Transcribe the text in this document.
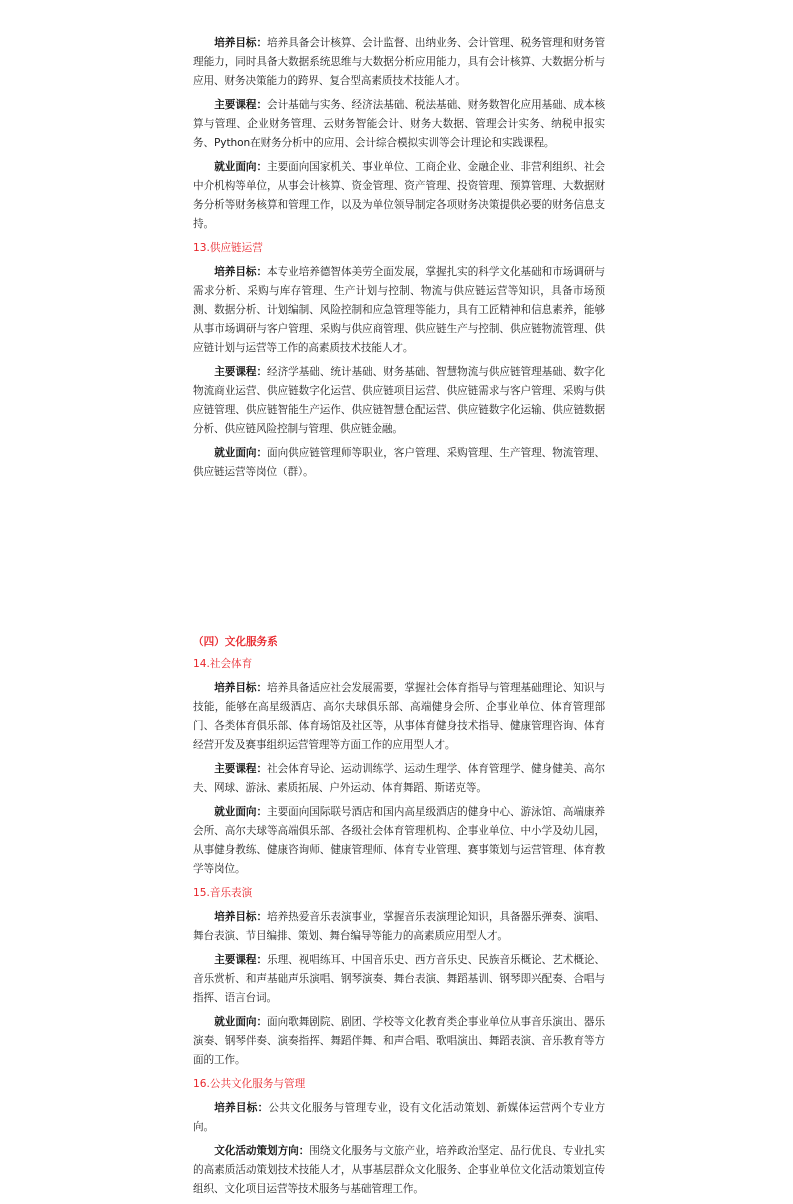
培养目标：培养具备会计核算、会计监督、出纳业务、会计管理、税务管理和财务管理能力，同时具备大数据系统思维与大数据分析应用能力，具有会计核算、大数据分析与应用、财务决策能力的跨界、复合型高素质技术技能人才。

主要课程：会计基础与实务、经济法基础、税法基础、财务数智化应用基础、成本核算与管理、企业财务管理、云财务智能会计、财务大数据、管理会计实务、纳税申报实务、Python在财务分析中的应用、会计综合模拟实训等会计理论和实践课程。

就业面向：主要面向国家机关、事业单位、工商企业、金融企业、非营利组织、社会中介机构等单位，从事会计核算、资金管理、资产管理、投资管理、预算管理、大数据财务分析等财务核算和管理工作，以及为单位领导制定各项财务决策提供必要的财务信息支持。

13.供应链运营

培养目标：本专业培养德智体美劳全面发展，掌握扎实的科学文化基础和市场调研与需求分析、采购与库存管理、生产计划与控制、物流与供应链运营等知识，具备市场预测、数据分析、计划编制、风险控制和应急管理等能力，具有工匠精神和信息素养，能够从事市场调研与客户管理、采购与供应商管理、供应链生产与控制、供应链物流管理、供应链计划与运营等工作的高素质技术技能人才。

主要课程：经济学基础、统计基础、财务基础、智慧物流与供应链管理基础、数字化物流商业运营、供应链数字化运营、供应链项目运营、供应链需求与客户管理、采购与供应链管理、供应链智能生产运作、供应链智慧仓配运营、供应链数字化运输、供应链数据分析、供应链风险控制与管理、供应链金融。

就业面向：面向供应链管理师等职业，客户管理、采购管理、生产管理、物流管理、供应链运营等岗位（群）。

（四）文化服务系
14.社会体育

培养目标：培养具备适应社会发展需要，掌握社会体育指导与管理基础理论、知识与技能，能够在高星级酒店、高尔夫球俱乐部、高端健身会所、企事业单位、体育管理部门、各类体育俱乐部、体育场馆及社区等，从事体育健身技术指导、健康管理咨询、体育经营开发及赛事组织运营管理等方面工作的应用型人才。

主要课程：社会体育导论、运动训练学、运动生理学、体育管理学、健身健美、高尔夫、网球、游泳、素质拓展、户外运动、体育舞蹈、斯诺克等。

就业面向：主要面向国际联号酒店和国内高星级酒店的健身中心、游泳馆、高端康养会所、高尔夫球等高端俱乐部、各级社会体育管理机构、企事业单位、中小学及幼儿园，从事健身教练、健康咨询师、健康管理师、体育专业管理、赛事策划与运营管理、体育教学等岗位。

15.音乐表演

培养目标：培养热爱音乐表演事业，掌握音乐表演理论知识，具备器乐弹奏、演唱、舞台表演、节目编排、策划、舞台编导等能力的高素质应用型人才。

主要课程：乐理、视唱练耳、中国音乐史、西方音乐史、民族音乐概论、艺术概论、音乐赏析、和声基础声乐演唱、钢琴演奏、舞台表演、舞蹈基训、钢琴即兴配奏、合唱与指挥、语言台词。

就业面向：面向歌舞剧院、剧团、学校等文化教育类企事业单位从事音乐演出、器乐演奏、钢琴伴奏、演奏指挥、舞蹈伴舞、和声合唱、歌唱演出、舞蹈表演、音乐教育等方面的工作。

16.公共文化服务与管理

培养目标：公共文化服务与管理专业，设有文化活动策划、新媒体运营两个专业方向。

文化活动策划方向：围绕文化服务与文旅产业，培养政治坚定、品行优良、专业扎实的高素质活动策划技术技能人才，从事基层群众文化服务、企事业单位文化活动策划宣传组织、文化项目运营等技术服务与基础管理工作。
